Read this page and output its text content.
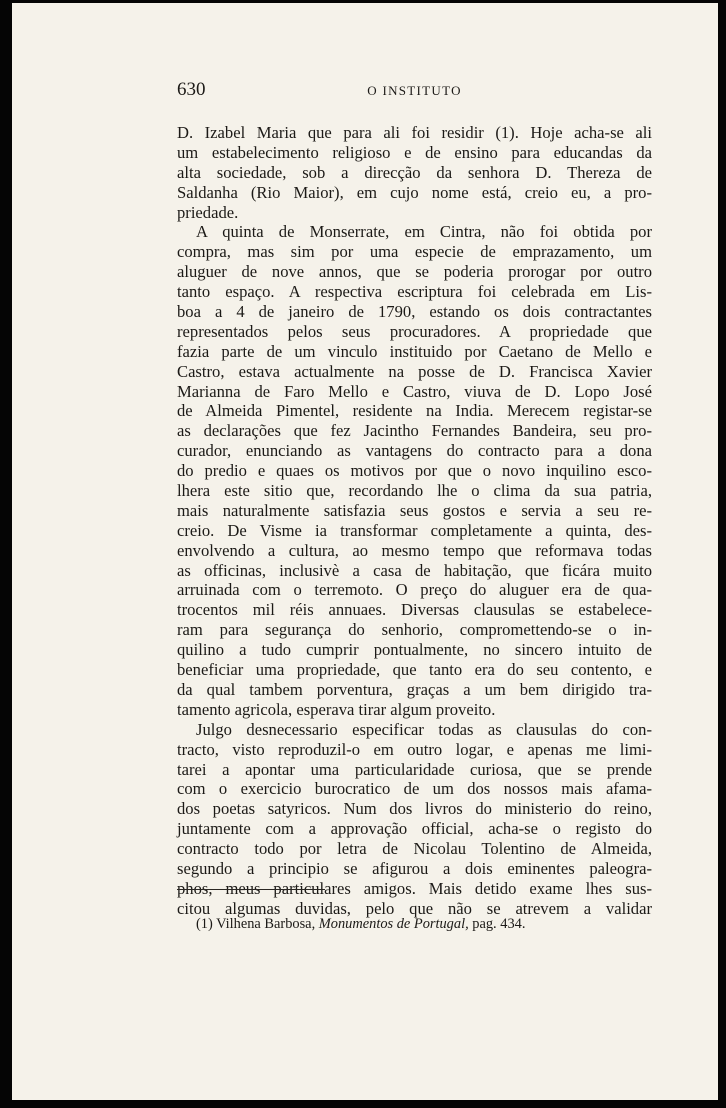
630	O INSTITUTO
D. Izabel Maria que para ali foi residir (1). Hoje acha-se ali
um estabelecimento religioso e de ensino para educandas da
alta sociedade, sob a direcção da senhora D. Thereza de
Saldanha (Rio Maior), em cujo nome está, creio eu, a pro-
priedade.
A quinta de Monserrate, em Cintra, não foi obtida por
compra, mas sim por uma especie de emprazamento, um
aluguer de nove annos, que se poderia prorogar por outro
tanto espaço. A respectiva escriptura foi celebrada em Lis-
boa a 4 de janeiro de 1790, estando os dois contractantes
representados pelos seus procuradores. A propriedade que
fazia parte de um vinculo instituido por Caetano de Mello e
Castro, estava actualmente na posse de D. Francisca Xavier
Marianna de Faro Mello e Castro, viuva de D. Lopo José
de Almeida Pimentel, residente na India. Merecem registar-se
as declarações que fez Jacintho Fernandes Bandeira, seu pro-
curador, enunciando as vantagens do contracto para a dona
do predio e quaes os motivos por que o novo inquilino esco-
lhera este sitio que, recordando lhe o clima da sua patria,
mais naturalmente satisfazia seus gostos e servia a seu re-
creio. De Visme ia transformar completamente a quinta, des-
envolvendo a cultura, ao mesmo tempo que reformava todas
as officinas, inclusivè a casa de habitação, que ficára muito
arruinada com o terremoto. O preço do aluguer era de qua-
trocentos mil réis annuaes. Diversas clausulas se estabelece-
ram para segurança do senhorio, compromettendo-se o in-
quilino a tudo cumprir pontualmente, no sincero intuito de
beneficiar uma propriedade, que tanto era do seu contento, e
da qual tambem porventura, graças a um bem dirigido tra-
tamento agricola, esperava tirar algum proveito.
Julgo desnecessario especificar todas as clausulas do con-
tracto, visto reproduzil-o em outro logar, e apenas me limi-
tarei a apontar uma particularidade curiosa, que se prende
com o exercicio burocratico de um dos nossos mais afama-
dos poetas satyricos. Num dos livros do ministerio do reino,
juntamente com a approvação official, acha-se o registo do
contracto todo por letra de Nicolau Tolentino de Almeida,
segundo a principio se afigurou a dois eminentes paleogra-
phos, meus particulares amigos. Mais detido exame lhes sus-
citou algumas duvidas, pelo que não se atrevem a validar
(1) Vilhena Barbosa, Monumentos de Portugal, pag. 434.
